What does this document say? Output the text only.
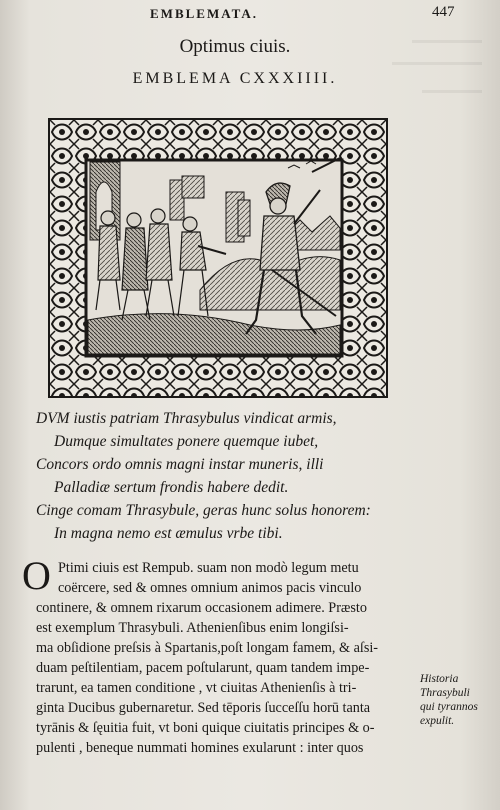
EMBLEMATA.	447
Optimus ciuis.
EMBLEMA CXXXIIII.
DVM iustis patriam Thrasybulus vindicat armis,
Dumque simultates ponere quemque iubet,
Concors ordo omnis magni instar muneris, illi
Palladiæ sertum frondis habere dedit.
Cinge comam Thrasybule, geras hunc solus honorem:
In magna nemo est æmulus vrbe tibi.
O Ptimi ciuis est Rempub. suam non modò legum metu
coërcere, sed & omnes omnium animos pacis vinculo
continere, & omnem rixarum occasionem adimere. Præsto
est exemplum Thrasybuli. Athenienſibus enim longiſsi-
ma obſidione preſsis à Spartanis,poſt longam famem, & aſsi-
duam peſtilentiam, pacem poſtularunt, quam tandem impe-
trarunt, ea tamen conditione , vt ciuitas Athenienſis à tri-
ginta Ducibus gubernaretur. Sed tēporis ſucceſſu horū tanta
tyrānis & ſęuitia fuit, vt boni quique ciuitatis principes & o-
pulenti , beneque nummati homines exularunt : inter quos
Historia
Thrasybuli
qui tyrannos
expulit.
